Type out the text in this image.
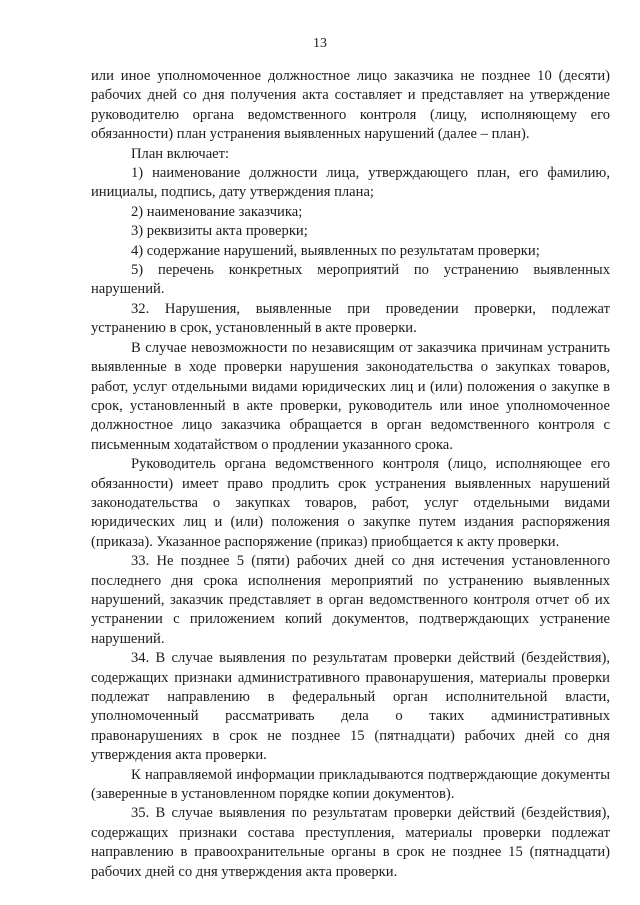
13

или иное уполномоченное должностное лицо заказчика не позднее 10 (десяти) рабочих дней со дня получения акта составляет и представляет на утверждение руководителю органа ведомственного контроля (лицу, исполняющему его обязанности) план устранения выявленных нарушений (далее – план).

План включает:

1) наименование должности лица, утверждающего план, его фамилию, инициалы, подпись, дату утверждения плана;

2) наименование заказчика;

3) реквизиты акта проверки;

4) содержание нарушений, выявленных по результатам проверки;

5) перечень конкретных мероприятий по устранению выявленных нарушений.

32. Нарушения, выявленные при проведении проверки, подлежат устранению в срок, установленный в акте проверки.

В случае невозможности по независящим от заказчика причинам устранить выявленные в ходе проверки нарушения законодательства о закупках товаров, работ, услуг отдельными видами юридических лиц и (или) положения о закупке в срок, установленный в акте проверки, руководитель или иное уполномоченное должностное лицо заказчика обращается в орган ведомственного контроля с письменным ходатайством о продлении указанного срока.

Руководитель органа ведомственного контроля (лицо, исполняющее его обязанности) имеет право продлить срок устранения выявленных нарушений законодательства о закупках товаров, работ, услуг отдельными видами юридических лиц и (или) положения о закупке путем издания распоряжения (приказа). Указанное распоряжение (приказ) приобщается к акту проверки.

33. Не позднее 5 (пяти) рабочих дней со дня истечения установленного последнего дня срока исполнения мероприятий по устранению выявленных нарушений, заказчик представляет в орган ведомственного контроля отчет об их устранении с приложением копий документов, подтверждающих устранение нарушений.

34. В случае выявления по результатам проверки действий (бездействия), содержащих признаки административного правонарушения, материалы проверки подлежат направлению в федеральный орган исполнительной власти, уполномоченный рассматривать дела о таких административных правонарушениях в срок не позднее 15 (пятнадцати) рабочих дней со дня утверждения акта проверки.

К направляемой информации прикладываются подтверждающие документы (заверенные в установленном порядке копии документов).

35. В случае выявления по результатам проверки действий (бездействия), содержащих признаки состава преступления, материалы проверки подлежат направлению в правоохранительные органы в срок не позднее 15 (пятнадцати) рабочих дней со дня утверждения акта проверки.
